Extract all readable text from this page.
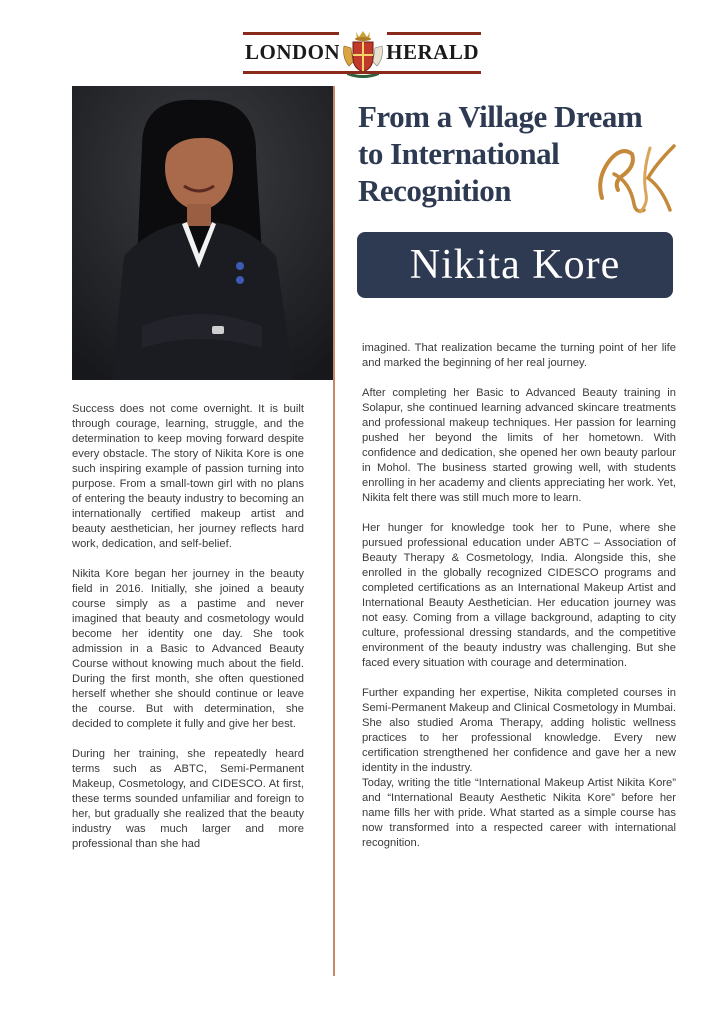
LONDON HERALD
From a Village Dream
to International
Recognition
Nikita Kore

Success does not come overnight. It is built through courage, learning, struggle, and the determination to keep moving forward despite every obstacle. The story of Nikita Kore is one such inspiring example of passion turning into purpose. From a small-town girl with no plans of entering the beauty industry to becoming an internationally certified makeup artist and beauty aesthetician, her journey reflects hard work, dedication, and self-belief.

Nikita Kore began her journey in the beauty field in 2016. Initially, she joined a beauty course simply as a pastime and never imagined that beauty and cosmetology would become her identity one day. She took admission in a Basic to Advanced Beauty Course without knowing much about the field. During the first month, she often questioned herself whether she should continue or leave the course. But with determination, she decided to complete it fully and give her best.

During her training, she repeatedly heard terms such as ABTC, Semi-Permanent Makeup, Cosmetology, and CIDESCO. At first, these terms sounded unfamiliar and foreign to her, but gradually she realized that the beauty industry was much larger and more professional than she had

imagined. That realization became the turning point of her life and marked the beginning of her real journey.

After completing her Basic to Advanced Beauty training in Solapur, she continued learning advanced skincare treatments and professional makeup techniques. Her passion for learning pushed her beyond the limits of her hometown. With confidence and dedication, she opened her own beauty parlour in Mohol. The business started growing well, with students enrolling in her academy and clients appreciating her work. Yet, Nikita felt there was still much more to learn.

Her hunger for knowledge took her to Pune, where she pursued professional education under ABTC – Association of Beauty Therapy & Cosmetology, India. Alongside this, she enrolled in the globally recognized CIDESCO programs and completed certifications as an International Makeup Artist and International Beauty Aesthetician. Her education journey was not easy. Coming from a village background, adapting to city culture, professional dressing standards, and the competitive environment of the beauty industry was challenging. But she faced every situation with courage and determination.

Further expanding her expertise, Nikita completed courses in Semi-Permanent Makeup and Clinical Cosmetology in Mumbai. She also studied Aroma Therapy, adding holistic wellness practices to her professional knowledge. Every new certification strengthened her confidence and gave her a new identity in the industry.

Today, writing the title “International Makeup Artist Nikita Kore” and “International Beauty Aesthetic Nikita Kore” before her name fills her with pride. What started as a simple course has now transformed into a respected career with international recognition.
